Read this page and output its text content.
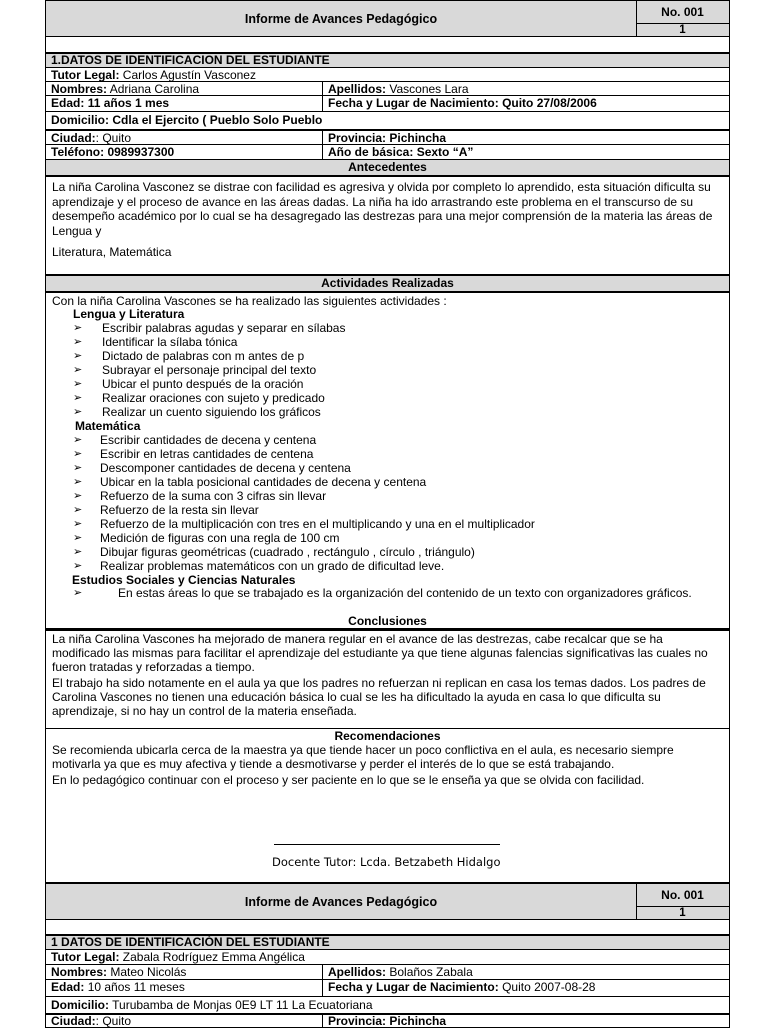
Informe de Avances Pedagógico	No. 001
1
1.DATOS DE IDENTIFICACION DEL ESTUDIANTE
Tutor Legal: Carlos Agustín Vasconez
Nombres: Adriana Carolina	Apellidos: Vascones Lara
Edad: 11 años 1 mes	Fecha y Lugar de Nacimiento: Quito 27/08/2006
Domicilio: Cdla el Ejercito ( Pueblo Solo Pueblo
Ciudad:: Quito	Provincia: Pichincha
Teléfono: 0989937300	Año de básica: Sexto “A”
Antecedentes
La niña Carolina Vasconez se distrae con facilidad es agresiva y olvida por completo lo aprendido, esta situación dificulta su aprendizaje y el proceso de avance en las áreas dadas. La niña ha ido arrastrando este problema en el transcurso de su desempeño académico por lo cual se ha desagregado las destrezas para una mejor comprensión de la materia las áreas de Lengua y
Literatura, Matemática
Actividades Realizadas
Con la niña Carolina Vascones se ha realizado las siguientes actividades :
Lengua y Literatura
➢ Escribir palabras agudas y separar en sílabas
➢ Identificar la sílaba tónica
➢ Dictado de palabras con m antes de p
➢ Subrayar el personaje principal del texto
➢ Ubicar el punto después de la oración
➢ Realizar oraciones con sujeto y predicado
➢ Realizar un cuento siguiendo los gráficos
Matemática
➢ Escribir cantidades de decena y centena
➢ Escribir en letras cantidades de centena
➢ Descomponer cantidades de decena y centena
➢ Ubicar en la tabla posicional cantidades de decena y centena
➢ Refuerzo de la suma con 3 cifras sin llevar
➢ Refuerzo de la resta sin llevar
➢ Refuerzo de la multiplicación con tres en el multiplicando y una en el multiplicador
➢ Medición de figuras con una regla de 100 cm
➢ Dibujar figuras geométricas (cuadrado , rectángulo , círculo , triángulo)
➢ Realizar problemas matemáticos con un grado de dificultad leve.
Estudios Sociales y Ciencias Naturales
➢	En estas áreas lo que se trabajado es la organización del contenido de un texto con organizadores gráficos.
Conclusiones
La niña Carolina Vascones ha mejorado de manera regular en el avance de las destrezas, cabe recalcar que se ha modificado las mismas para facilitar el aprendizaje del estudiante ya que tiene algunas falencias significativas las cuales no fueron tratadas y reforzadas a tiempo.
El trabajo ha sido notamente en el aula ya que los padres no refuerzan ni replican en casa los temas dados. Los padres de Carolina Vascones no tienen una educación básica lo cual se les ha dificultado la ayuda en casa lo que dificulta su aprendizaje, si no hay un control de la materia enseñada.
Recomendaciones
Se recomienda ubicarla cerca de la maestra ya que tiende hacer un poco conflictiva en el aula, es necesario siempre motivarla ya que es muy afectiva y tiende a desmotivarse y perder el interés de lo que se está trabajando.
En lo pedagógico continuar con el proceso y ser paciente en lo que se le enseña ya que se olvida con facilidad.
Docente Tutor: Lcda. Betzabeth Hidalgo
Informe de Avances Pedagógico	No. 001
1
1 DATOS DE IDENTIFICACIÓN DEL ESTUDIANTE
Tutor Legal: Zabala Rodríguez Emma Angélica
Nombres: Mateo Nicolás	Apellidos: Bolaños Zabala
Edad: 10 años 11 meses	Fecha y Lugar de Nacimiento: Quito 2007-08-28
Domicilio: Turubamba de Monjas 0E9 LT 11 La Ecuatoriana
Ciudad:: Quito	Provincia: Pichincha
